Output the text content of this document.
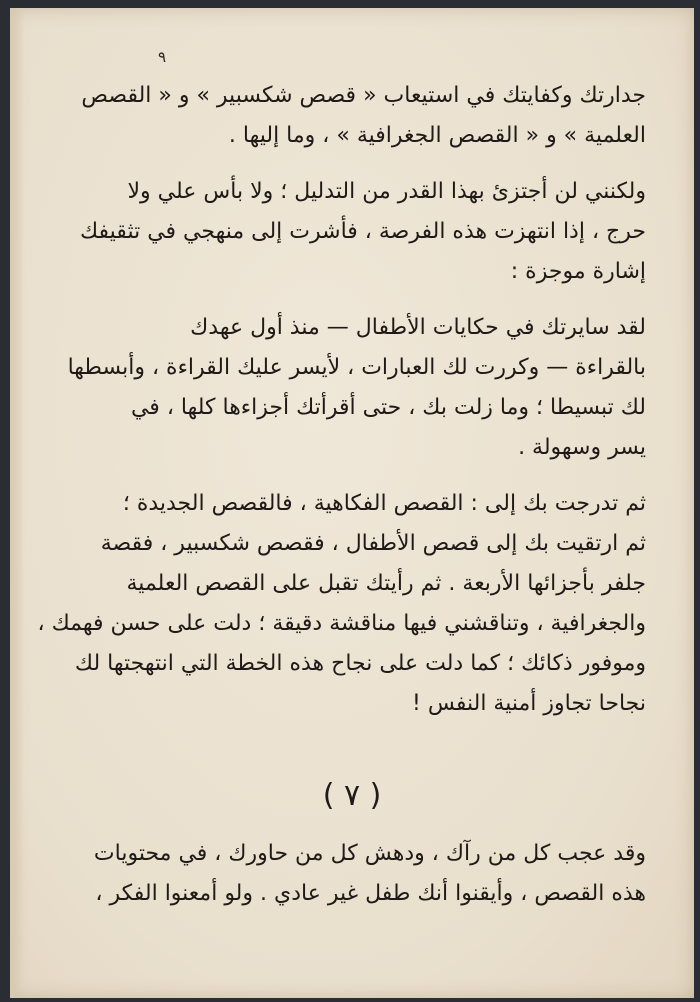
٩
جدارتك وكفايتك في استيعاب « قصص شكسبير » و « القصص
العلمية » و « القصص الجغرافية » ، وما إليها .
ولكنني لن أجتزئ بهذا القدر من التدليل ؛ ولا بأس علي ولا
حرج ، إذا انتهزت هذه الفرصة ، فأشرت إلى منهجي في تثقيفك
إشارة موجزة :
لقد سايرتك في حكايات الأطفال — منذ أول عهدك
بالقراءة — وكررت لك العبارات ، لأيسر عليك القراءة ، وأبسطها
لك تبسيطا ؛ وما زلت بك ، حتى أقرأتك أجزاءها كلها ، في
يسر وسهولة .
ثم تدرجت بك إلى : القصص الفكاهية ، فالقصص الجديدة ؛
ثم ارتقيت بك إلى قصص الأطفال ، فقصص شكسبير ، فقصة
جلفر بأجزائها الأربعة . ثم رأيتك تقبل على القصص العلمية
والجغرافية ، وتناقشني فيها مناقشة دقيقة ؛ دلت على حسن فهمك ،
وموفور ذكائك ؛ كما دلت على نجاح هذه الخطة التي انتهجتها لك
نجاحا تجاوز أمنية النفس !
( ٧ )
وقد عجب كل من رآك ، ودهش كل من حاورك ، في محتويات
هذه القصص ، وأيقنوا أنك طفل غير عادي . ولو أمعنوا الفكر ،
